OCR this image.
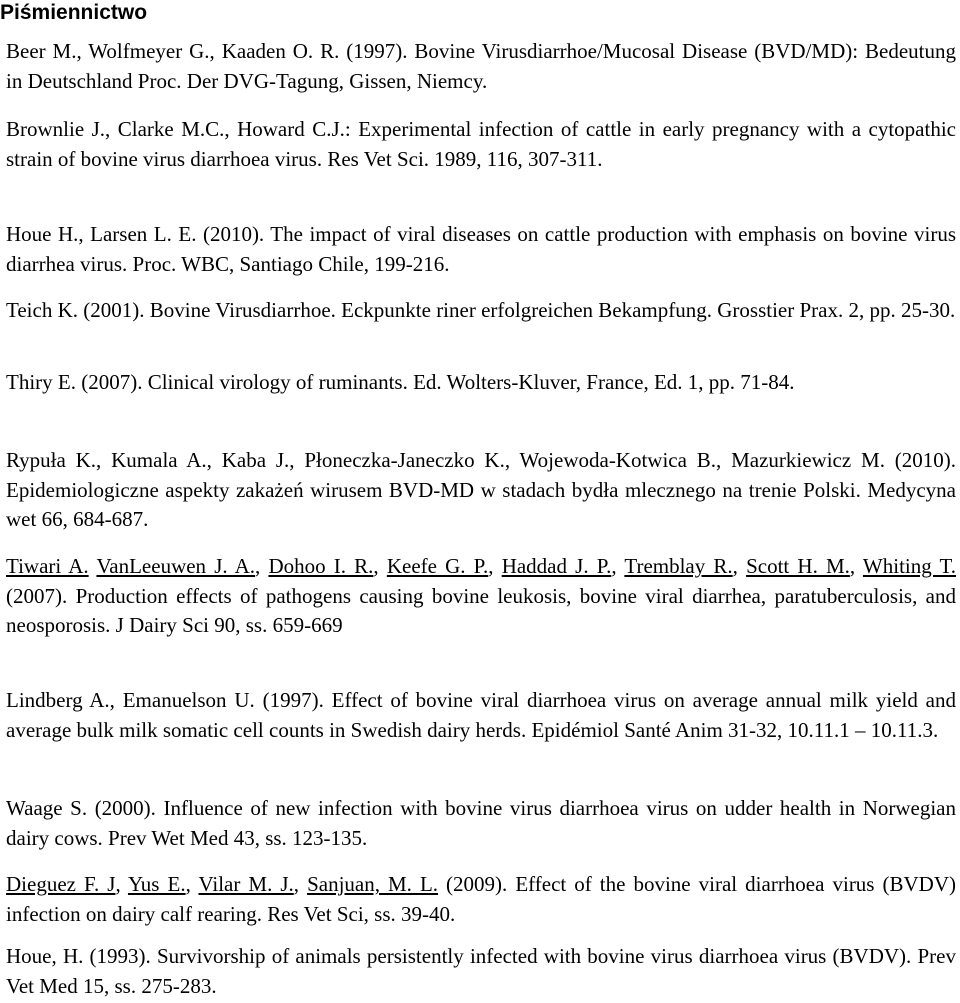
Piśmiennictwo
Beer M., Wolfmeyer G., Kaaden O. R. (1997). Bovine Virusdiarrhoe/Mucosal Disease (BVD/MD): Bedeutung in Deutschland Proc. Der DVG-Tagung, Gissen, Niemcy.
Brownlie J., Clarke M.C., Howard C.J.: Experimental infection of cattle in early pregnancy with a cytopathic strain of bovine virus diarrhoea virus. Res Vet Sci. 1989, 116, 307-311.
Houe H., Larsen L. E. (2010). The impact of viral diseases on cattle production with emphasis on bovine virus diarrhea virus. Proc. WBC, Santiago Chile, 199-216.
Teich K. (2001). Bovine Virusdiarrhoe. Eckpunkte riner erfolgreichen Bekampfung. Grosstier Prax. 2, pp. 25-30.
Thiry E. (2007). Clinical virology of ruminants. Ed. Wolters-Kluver, France, Ed. 1, pp. 71-84.
Rypuła K., Kumala A., Kaba J., Płoneczka-Janeczko K., Wojewoda-Kotwica B., Mazurkiewicz M. (2010). Epidemiologiczne aspekty zakażeń wirusem BVD-MD w stadach bydła mlecznego na trenie Polski. Medycyna wet 66, 684-687.
Tiwari A. VanLeeuwen J. A., Dohoo I. R., Keefe G. P., Haddad J. P., Tremblay R., Scott H. M., Whiting T. (2007). Production effects of pathogens causing bovine leukosis, bovine viral diarrhea, paratuberculosis, and neosporosis. J Dairy Sci 90, ss. 659-669
Lindberg A., Emanuelson U. (1997). Effect of bovine viral diarrhoea virus on average annual milk yield and average bulk milk somatic cell counts in Swedish dairy herds. Epidémiol Santé Anim 31-32, 10.11.1 – 10.11.3.
Waage S. (2000). Influence of new infection with bovine virus diarrhoea virus on udder health in Norwegian dairy cows. Prev Wet Med 43, ss. 123-135.
Dieguez F. J, Yus E., Vilar M. J., Sanjuan, M. L. (2009). Effect of the bovine viral diarrhoea virus (BVDV) infection on dairy calf rearing. Res Vet Sci, ss. 39-40.
Houe, H. (1993). Survivorship of animals persistently infected with bovine virus diarrhoea virus (BVDV). Prev Vet Med 15, ss. 275-283.
